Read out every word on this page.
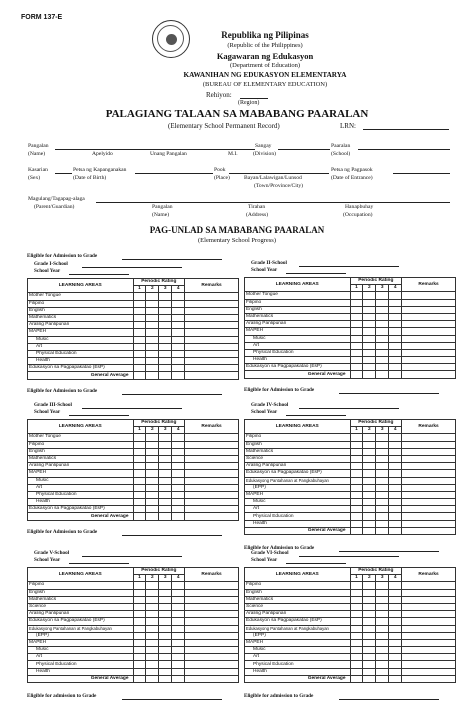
FORM 137-E
Republika ng Pilipinas
(Republic of the Philippines)
Kagawaran ng Edukasyon
(Department of Education)
KAWANIHAN NG EDUKASYON ELEMENTARYA
(BUREAU OF ELEMENTARY EDUCATION)
Rehiyon:
(Region)
PALAGIANG TALAAN SA MABABANG PAARALAN
(Elementary School Permanent Record)	LRN:
Pangalan	Sangay	Paaralan
(Name)	Apelyido	Unang Pangalan	M.I.	(Division)	(School)
Kasarian	Petsa ng Kapanganakan	Pook	Petsa ng Pagpasok
(Sex)	(Date of Birth)	(Place)	Bayan/Lalawigan/Lunsod	(Date of Entrance)
(Town/Province/City)
Magulang/Tagapag-alaga
(Parent/Guardian)	Pangalan	Tirahan	Hanapbuhay
(Name)	(Address)	(Occupation)
PAG-UNLAD SA MABABANG PAARALAN
(Elementary School Progress)
Eligible for Admission to Grade
Grade I-School
School Year
LEARNING AREAS	Periodic Rating				Remarks
	1	2	3	4	
Mother Tongue					
Filipino					
English					
Mathematics					
Araling Panlipunan					
MAPEH					
Music					
Art					
Physical Education					
Health					
Edukasyon sa Pagpapakatao (EsP)					
General Average					
Eligible for Admission to Grade
Grade II-School
School Year
LEARNING AREAS	Periodic Rating				Remarks
	1	2	3	4	
Mother Tongue					
Filipino					
English					
Mathematics					
Araling Panlipunan					
MAPEH					
Music					
Art					
Physical Education					
Health					
Edukasyon sa Pagpapakatao (EsP)					
General Average					
Eligible for Admission to Grade
Grade III-School
School Year
LEARNING AREAS	Periodic Rating				Remarks
	1	2	3	4	
Mother Tongue					
Filipino					
English					
Mathematics					
Araling Panlipunan					
MAPEH					
Music					
Art					
Physical Education					
Health					
Edukasyon sa Pagpapakatao (EsP)					
General Average					
Eligible for Admission to Grade
Grade IV-School
School Year
LEARNING AREAS	Periodic Rating				Remarks
	1	2	3	4	
Filipino					
English					
Mathematics					
Science					
Araling Panlipunan					
Edukasyon sa Pagpapakatao (EsP)					
Edukasyong Pantahanan at Pangkabuhayan					
(EPP)					
MAPEH					
Music					
Art					
Physical Education					
Health					
General Average					
Eligible for Admission to Grade
Grade V-School
School Year
LEARNING AREAS	Periodic Rating				Remarks
	1	2	3	4	
Filipino					
English					
Mathematics					
Science					
Araling Panlipunan					
Edukasyon sa Pagpapakatao (EsP)					
Edukasyong Pantahanan at Pangkabuhayan					
(EPP)					
MAPEH					
Music					
Art					
Physical Education					
Health					
General Average					
Eligible for admission to Grade
Grade VI-School
School Year
LEARNING AREAS	Periodic Rating				Remarks
	1	2	3	4	
Filipino					
English					
Mathematics					
Science					
Araling Panlipunan					
Edukasyon sa Pagpapakatao (EsP)					
Edukasyong Pantahanan at Pangkabuhayan					
(EPP)					
MAPEH					
Music					
Art					
Physical Education					
Health					
General Average					
Eligible for admission to Grade
